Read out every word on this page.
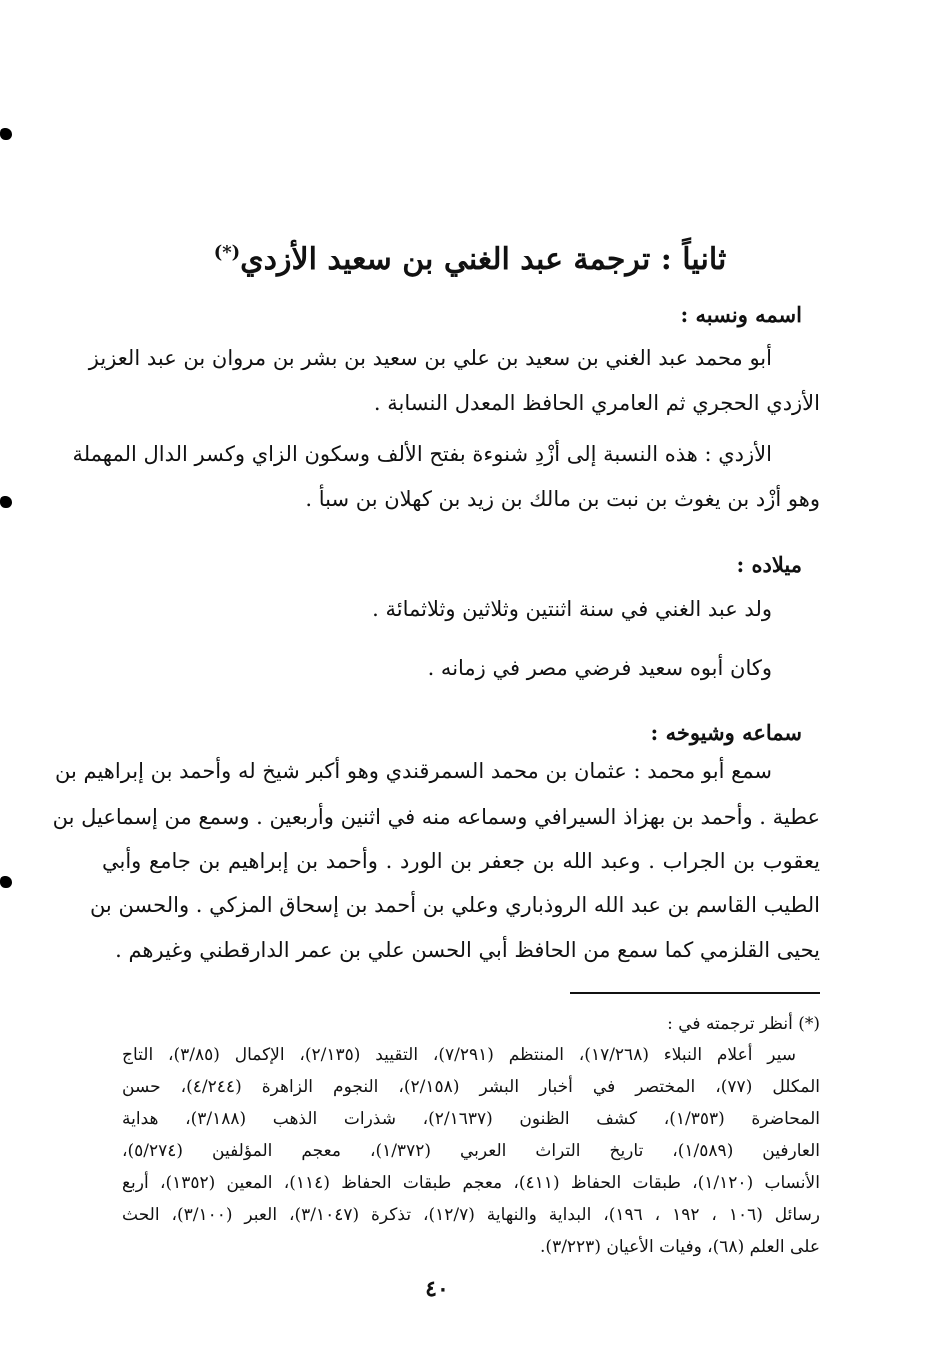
ثانياً : ترجمة عبد الغني بن سعيد الأزدي(*)
اسمه ونسبه :
أبو محمد عبد الغني بن سعيد بن علي بن سعيد بن بشر بن مروان بن عبد العزيز
الأزدي الحجري ثم العامري الحافظ المعدل النسابة .
الأزدي : هذه النسبة إلى أزْدِ شنوءة بفتح الألف وسكون الزاي وكسر الدال المهملة
وهو أزْد بن يغوث بن نبت بن مالك بن زيد بن كهلان بن سبأ .
ميلاده :
ولد عبد الغني في سنة اثنتين وثلاثين وثلاثمائة .
وكان أبوه سعيد فرضي مصر في زمانه .
سماعه وشيوخه :
سمع أبو محمد : عثمان بن محمد السمرقندي وهو أكبر شيخ له وأحمد بن إبراهيم بن
عطية . وأحمد بن بهزاذ السيرافي وسماعه منه في اثنين وأربعين . وسمع من إسماعيل بن
يعقوب بن الجراب . وعبد الله بن جعفر بن الورد . وأحمد بن إبراهيم بن جامع وأبي
الطيب القاسم بن عبد الله الروذباري وعلي بن أحمد بن إسحاق المزكي . والحسن بن
يحيى القلزمي كما سمع من الحافظ أبي الحسن علي بن عمر الدارقطني وغيرهم .
(*) أنظر ترجمته في :
سير أعلام النبلاء (١٧/٢٦٨)، المنتظم (٧/٢٩١)، التقييد (٢/١٣٥)، الإكمال (٣/٨٥)، التاج
المكلل (٧٧)، المختصر في أخبار البشر (٢/١٥٨)، النجوم الزاهرة (٤/٢٤٤)، حسن
المحاضرة (١/٣٥٣)، كشف الظنون (٢/١٦٣٧)، شذرات الذهب (٣/١٨٨)، هداية
العارفين (١/٥٨٩)، تاريخ التراث العربي (١/٣٧٢)، معجم المؤلفين (٥/٢٧٤)،
الأنساب (١/١٢٠)، طبقات الحفاظ (٤١١)، معجم طبقات الحفاظ (١١٤)، المعين (١٣٥٢)، أربع
رسائل (١٠٦ ، ١٩٢ ، ١٩٦)، البداية والنهاية (١٢/٧)، تذكرة (٣/١٠٤٧)، العبر (٣/١٠٠)، الحث
على العلم (٦٨)، وفيات الأعيان (٣/٢٢٣).
٤٠
